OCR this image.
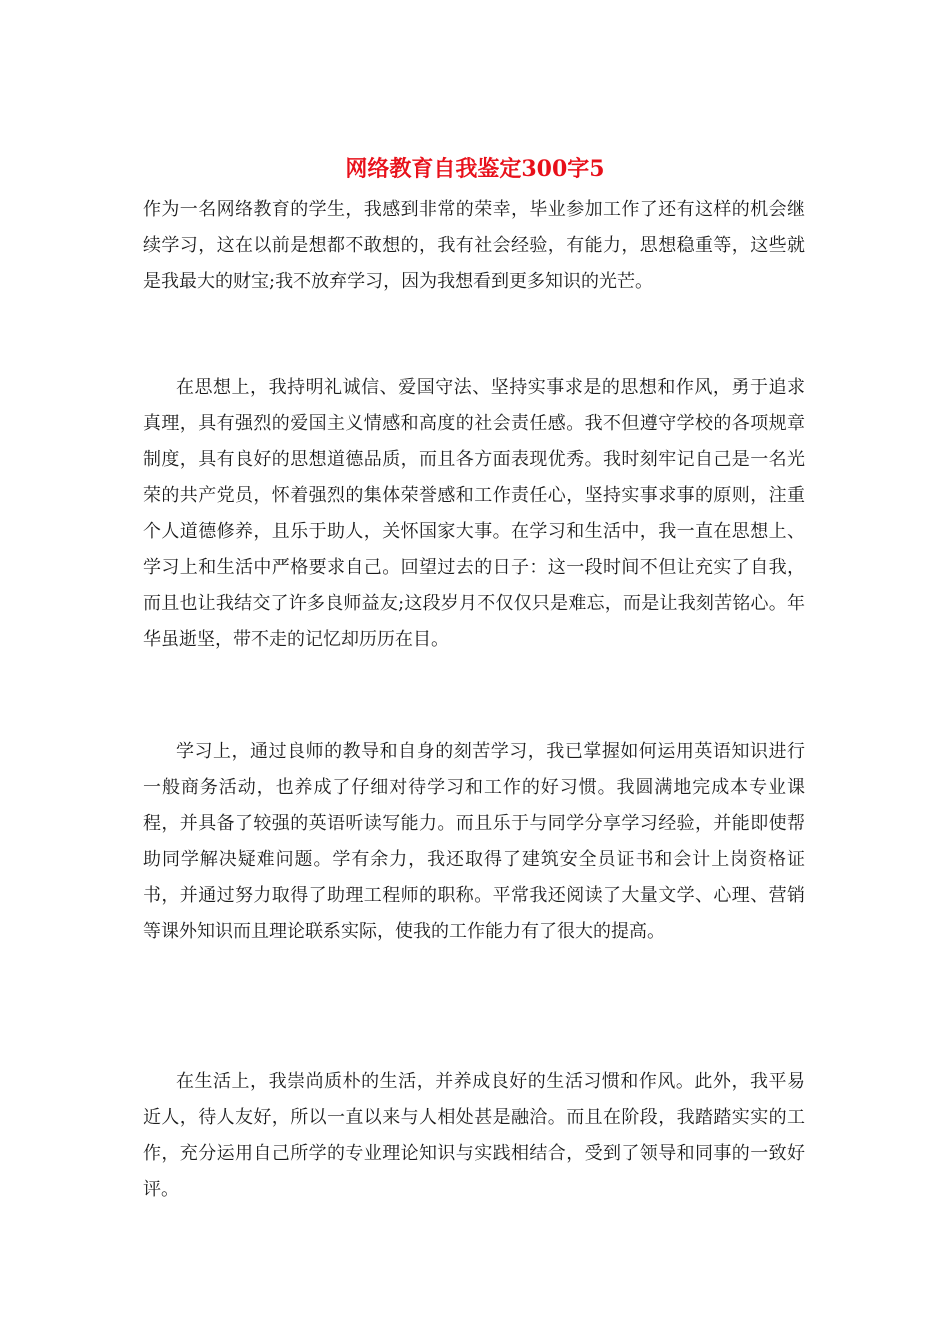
网络教育自我鉴定300字5

作为一名网络教育的学生，我感到非常的荣幸，毕业参加工作了还有这样的机会继续学习，这在以前是想都不敢想的，我有社会经验，有能力，思想稳重等，这些就是我最大的财宝;我不放弃学习，因为我想看到更多知识的光芒。

在思想上，我持明礼诚信、爱国守法、坚持实事求是的思想和作风，勇于追求真理，具有强烈的爱国主义情感和高度的社会责任感。我不但遵守学校的各项规章制度，具有良好的思想道德品质，而且各方面表现优秀。我时刻牢记自己是一名光荣的共产党员，怀着强烈的集体荣誉感和工作责任心，坚持实事求事的原则，注重个人道德修养，且乐于助人，关怀国家大事。在学习和生活中，我一直在思想上、学习上和生活中严格要求自己。回望过去的日子：这一段时间不但让充实了自我，而且也让我结交了许多良师益友;这段岁月不仅仅只是难忘，而是让我刻苦铭心。年华虽逝坚，带不走的记忆却历历在目。

学习上，通过良师的教导和自身的刻苦学习，我已掌握如何运用英语知识进行一般商务活动，也养成了仔细对待学习和工作的好习惯。我圆满地完成本专业课程，并具备了较强的英语听读写能力。而且乐于与同学分享学习经验，并能即使帮助同学解决疑难问题。学有余力，我还取得了建筑安全员证书和会计上岗资格证书，并通过努力取得了助理工程师的职称。平常我还阅读了大量文学、心理、营销等课外知识而且理论联系实际，使我的工作能力有了很大的提高。

在生活上，我崇尚质朴的生活，并养成良好的生活习惯和作风。此外，我平易近人，待人友好，所以一直以来与人相处甚是融洽。而且在阶段，我踏踏实实的工作，充分运用自己所学的专业理论知识与实践相结合，受到了领导和同事的一致好评。
